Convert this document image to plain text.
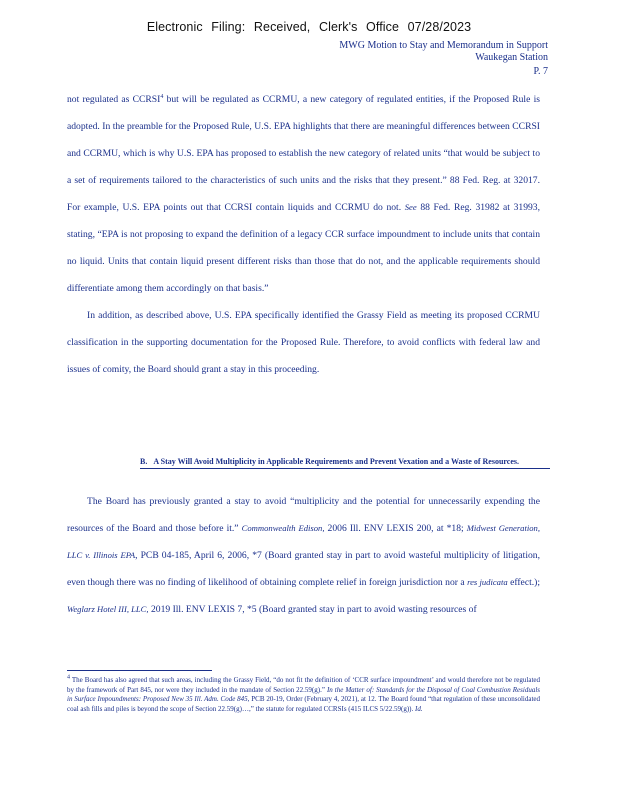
Electronic Filing: Received, Clerk's Office 07/28/2023
MWG Motion to Stay and Memorandum in Support
Waukegan Station
P. 7

not regulated as CCRSI$^4$ but will be regulated as CCRMU, a new category of regulated entities, if the Proposed Rule is adopted. In the preamble for the Proposed Rule, U.S. EPA highlights that there are meaningful differences between CCRSI and CCRMU, which is why U.S. EPA has proposed to establish the new category of related units “that would be subject to a set of requirements tailored to the characteristics of such units and the risks that they present.” 88 Fed. Reg. at 32017. For example, U.S. EPA points out that CCRSI contain liquids and CCRMU do not. See 88 Fed. Reg. 31982 at 31993, stating, “EPA is not proposing to expand the definition of a legacy CCR surface impoundment to include units that contain no liquid. Units that contain liquid present different risks than those that do not, and the applicable requirements should differentiate among them accordingly on that basis.”

In addition, as described above, U.S. EPA specifically identified the Grassy Field as meeting its proposed CCRMU classification in the supporting documentation for the Proposed Rule. Therefore, to avoid conflicts with federal law and issues of comity, the Board should grant a stay in this proceeding.

B. A Stay Will Avoid Multiplicity in Applicable Requirements and Prevent Vexation and a Waste of Resources.

The Board has previously granted a stay to avoid “multiplicity and the potential for unnecessarily expending the resources of the Board and those before it.” Commonwealth Edison, 2006 Ill. ENV LEXIS 200, at *18; Midwest Generation, LLC v. Illinois EPA, PCB 04-185, April 6, 2006, *7 (Board granted stay in part to avoid wasteful multiplicity of litigation, even though there was no finding of likelihood of obtaining complete relief in foreign jurisdiction nor a res judicata effect.); Weglarz Hotel III, LLC, 2019 Ill. ENV LEXIS 7, *5 (Board granted stay in part to avoid wasting resources of

$^4$ The Board has also agreed that such areas, including the Grassy Field, “do not fit the definition of ‘CCR surface impoundment’ and would therefore not be regulated by the framework of Part 845, nor were they included in the mandate of Section 22.59(g).” In the Matter of: Standards for the Disposal of Coal Combustion Residuals in Surface Impoundments: Proposed New 35 Ill. Adm. Code 845, PCB 20-19, Order (February 4, 2021), at 12. The Board found “that regulation of these unconsolidated coal ash fills and piles is beyond the scope of Section 22.59(g)…,” the statute for regulated CCRSIs (415 ILCS 5/22.59(g)). Id.
